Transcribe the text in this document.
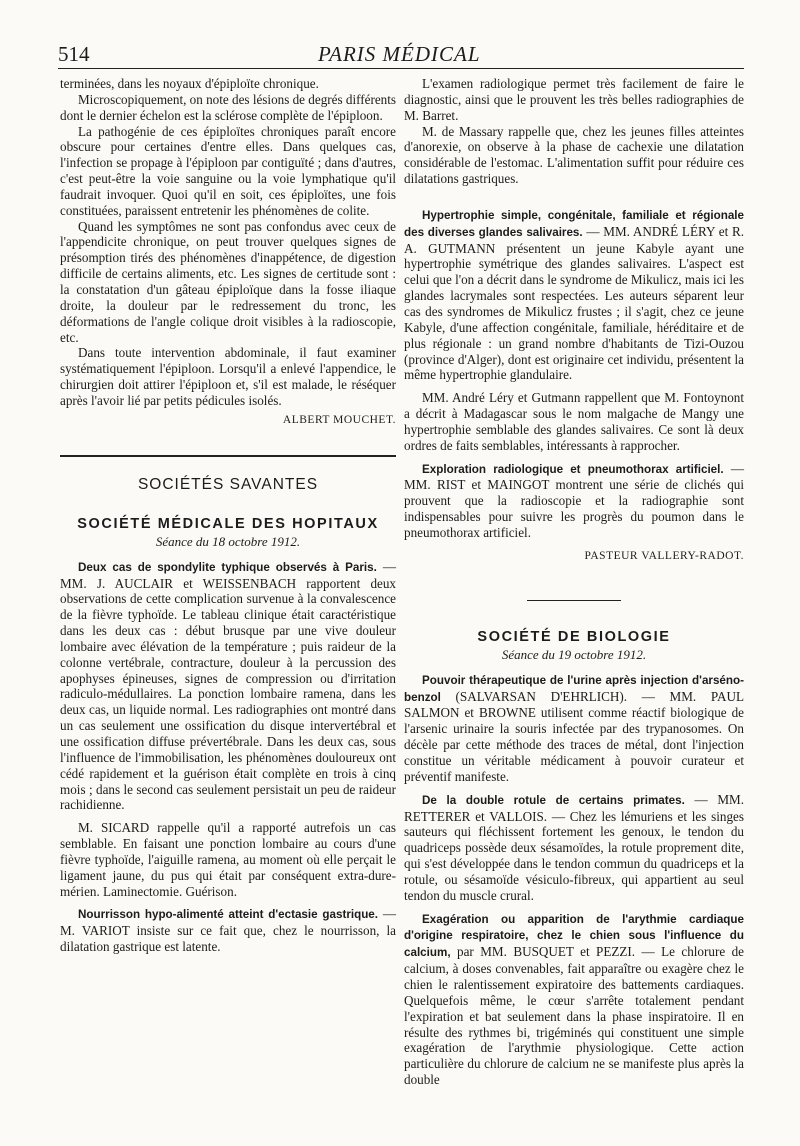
514	PARIS MÉDICAL

terminées, dans les noyaux d'épiploïte chronique.

Microscopiquement, on note des lésions de degrés différents dont le dernier échelon est la sclérose complète de l'épiploon.

La pathogénie de ces épiploïtes chroniques paraît encore obscure pour certaines d'entre elles. Dans quelques cas, l'infection se propage à l'épiploon par contiguïté ; dans d'autres, c'est peut-être la voie sanguine ou la voie lymphatique qu'il faudrait invoquer. Quoi qu'il en soit, ces épiploïtes, une fois constituées, paraissent entretenir les phénomènes de colite.

Quand les symptômes ne sont pas confondus avec ceux de l'appendicite chronique, on peut trouver quelques signes de présomption tirés des phénomènes d'inappétence, de digestion difficile de certains aliments, etc. Les signes de certitude sont : la constatation d'un gâteau épiploïque dans la fosse iliaque droite, la douleur par le redressement du tronc, les déformations de l'angle colique droit visibles à la radioscopie, etc.

Dans toute intervention abdominale, il faut examiner systématiquement l'épiploon. Lorsqu'il a enlevé l'appendice, le chirurgien doit attirer l'épiploon et, s'il est malade, le réséquer après l'avoir lié par petits pédicules isolés.

ALBERT MOUCHET.
SOCIÉTÉS SAVANTES
SOCIÉTÉ MÉDICALE DES HOPITAUX
Séance du 18 octobre 1912.

Deux cas de spondylite typhique observés à Paris. — MM. J. AUCLAIR et WEISSENBACH rapportent deux observations de cette complication survenue à la convalescence de la fièvre typhoïde. Le tableau clinique était caractéristique dans les deux cas : début brusque par une vive douleur lombaire avec élévation de la température ; puis raideur de la colonne vertébrale, contracture, douleur à la percussion des apophyses épineuses, signes de compression ou d'irritation radiculo-médullaires. La ponction lombaire ramena, dans les deux cas, un liquide normal. Les radiographies ont montré dans un cas seulement une ossification du disque intervertébral et une ossification diffuse prévertébrale. Dans les deux cas, sous l'influence de l'immobilisation, les phénomènes douloureux ont cédé rapidement et la guérison était complète en trois à cinq mois ; dans le second cas seulement persistait un peu de raideur rachidienne.

M. SICARD rappelle qu'il a rapporté autrefois un cas semblable. En faisant une ponction lombaire au cours d'une fièvre typhoïde, l'aiguille ramena, au moment où elle perçait le ligament jaune, du pus qui était par conséquent extra-dure-mérien. Laminectomie. Guérison.

Nourrisson hypo-alimenté atteint d'ectasie gastrique. — M. VARIOT insiste sur ce fait que, chez le nourrisson, la dilatation gastrique est latente.

L'examen radiologique permet très facilement de faire le diagnostic, ainsi que le prouvent les très belles radiographies de M. Barret.

M. de Massary rappelle que, chez les jeunes filles atteintes d'anorexie, on observe à la phase de cachexie une dilatation considérable de l'estomac. L'alimentation suffit pour réduire ces dilatations gastriques.

Hypertrophie simple, congénitale, familiale et régionale des diverses glandes salivaires. — MM. ANDRÉ LÉRY et R. A. GUTMANN présentent un jeune Kabyle ayant une hypertrophie symétrique des glandes salivaires. L'aspect est celui que l'on a décrit dans le syndrome de Mikulicz, mais ici les glandes lacrymales sont respectées. Les auteurs séparent leur cas des syndromes de Mikulicz frustes ; il s'agit, chez ce jeune Kabyle, d'une affection congénitale, familiale, héréditaire et de plus régionale : un grand nombre d'habitants de Tizi-Ouzou (province d'Alger), dont est originaire cet individu, présentent la même hypertrophie glandulaire.

MM. André Léry et Gutmann rappellent que M. Fontoynont a décrit à Madagascar sous le nom malgache de Mangy une hypertrophie semblable des glandes salivaires. Ce sont là deux ordres de faits semblables, intéressants à rapprocher.

Exploration radiologique et pneumothorax artificiel. — MM. RIST et MAINGOT montrent une série de clichés qui prouvent que la radioscopie et la radiographie sont indispensables pour suivre les progrès du poumon dans le pneumothorax artificiel.

PASTEUR VALLERY-RADOT.
SOCIÉTÉ DE BIOLOGIE
Séance du 19 octobre 1912.

Pouvoir thérapeutique de l'urine après injection d'arséno-benzol (SALVARSAN D'EHRLICH). — MM. PAUL SALMON et BROWNE utilisent comme réactif biologique de l'arsenic urinaire la souris infectée par des trypanosomes. On décèle par cette méthode des traces de métal, dont l'injection constitue un véritable médicament à pouvoir curateur et préventif manifeste.

De la double rotule de certains primates. — MM. RETTERER et VALLOIS. — Chez les lémuriens et les singes sauteurs qui fléchissent fortement les genoux, le tendon du quadriceps possède deux sésamoïdes, la rotule proprement dite, qui s'est développée dans le tendon commun du quadriceps et la rotule, ou sésamoïde vésiculo-fibreux, qui appartient au seul tendon du muscle crural.

Exagération ou apparition de l'arythmie cardiaque d'origine respiratoire, chez le chien sous l'influence du calcium, par MM. BUSQUET et PEZZI. — Le chlorure de calcium, à doses convenables, fait apparaître ou exagère chez le chien le ralentissement expiratoire des battements cardiaques. Quelquefois même, le cœur s'arrête totalement pendant l'expiration et bat seulement dans la phase inspiratoire. Il en résulte des rythmes bi, trigéminés qui constituent une simple exagération de l'arythmie physiologique. Cette action particulière du chlorure de calcium ne se manifeste plus après la double
